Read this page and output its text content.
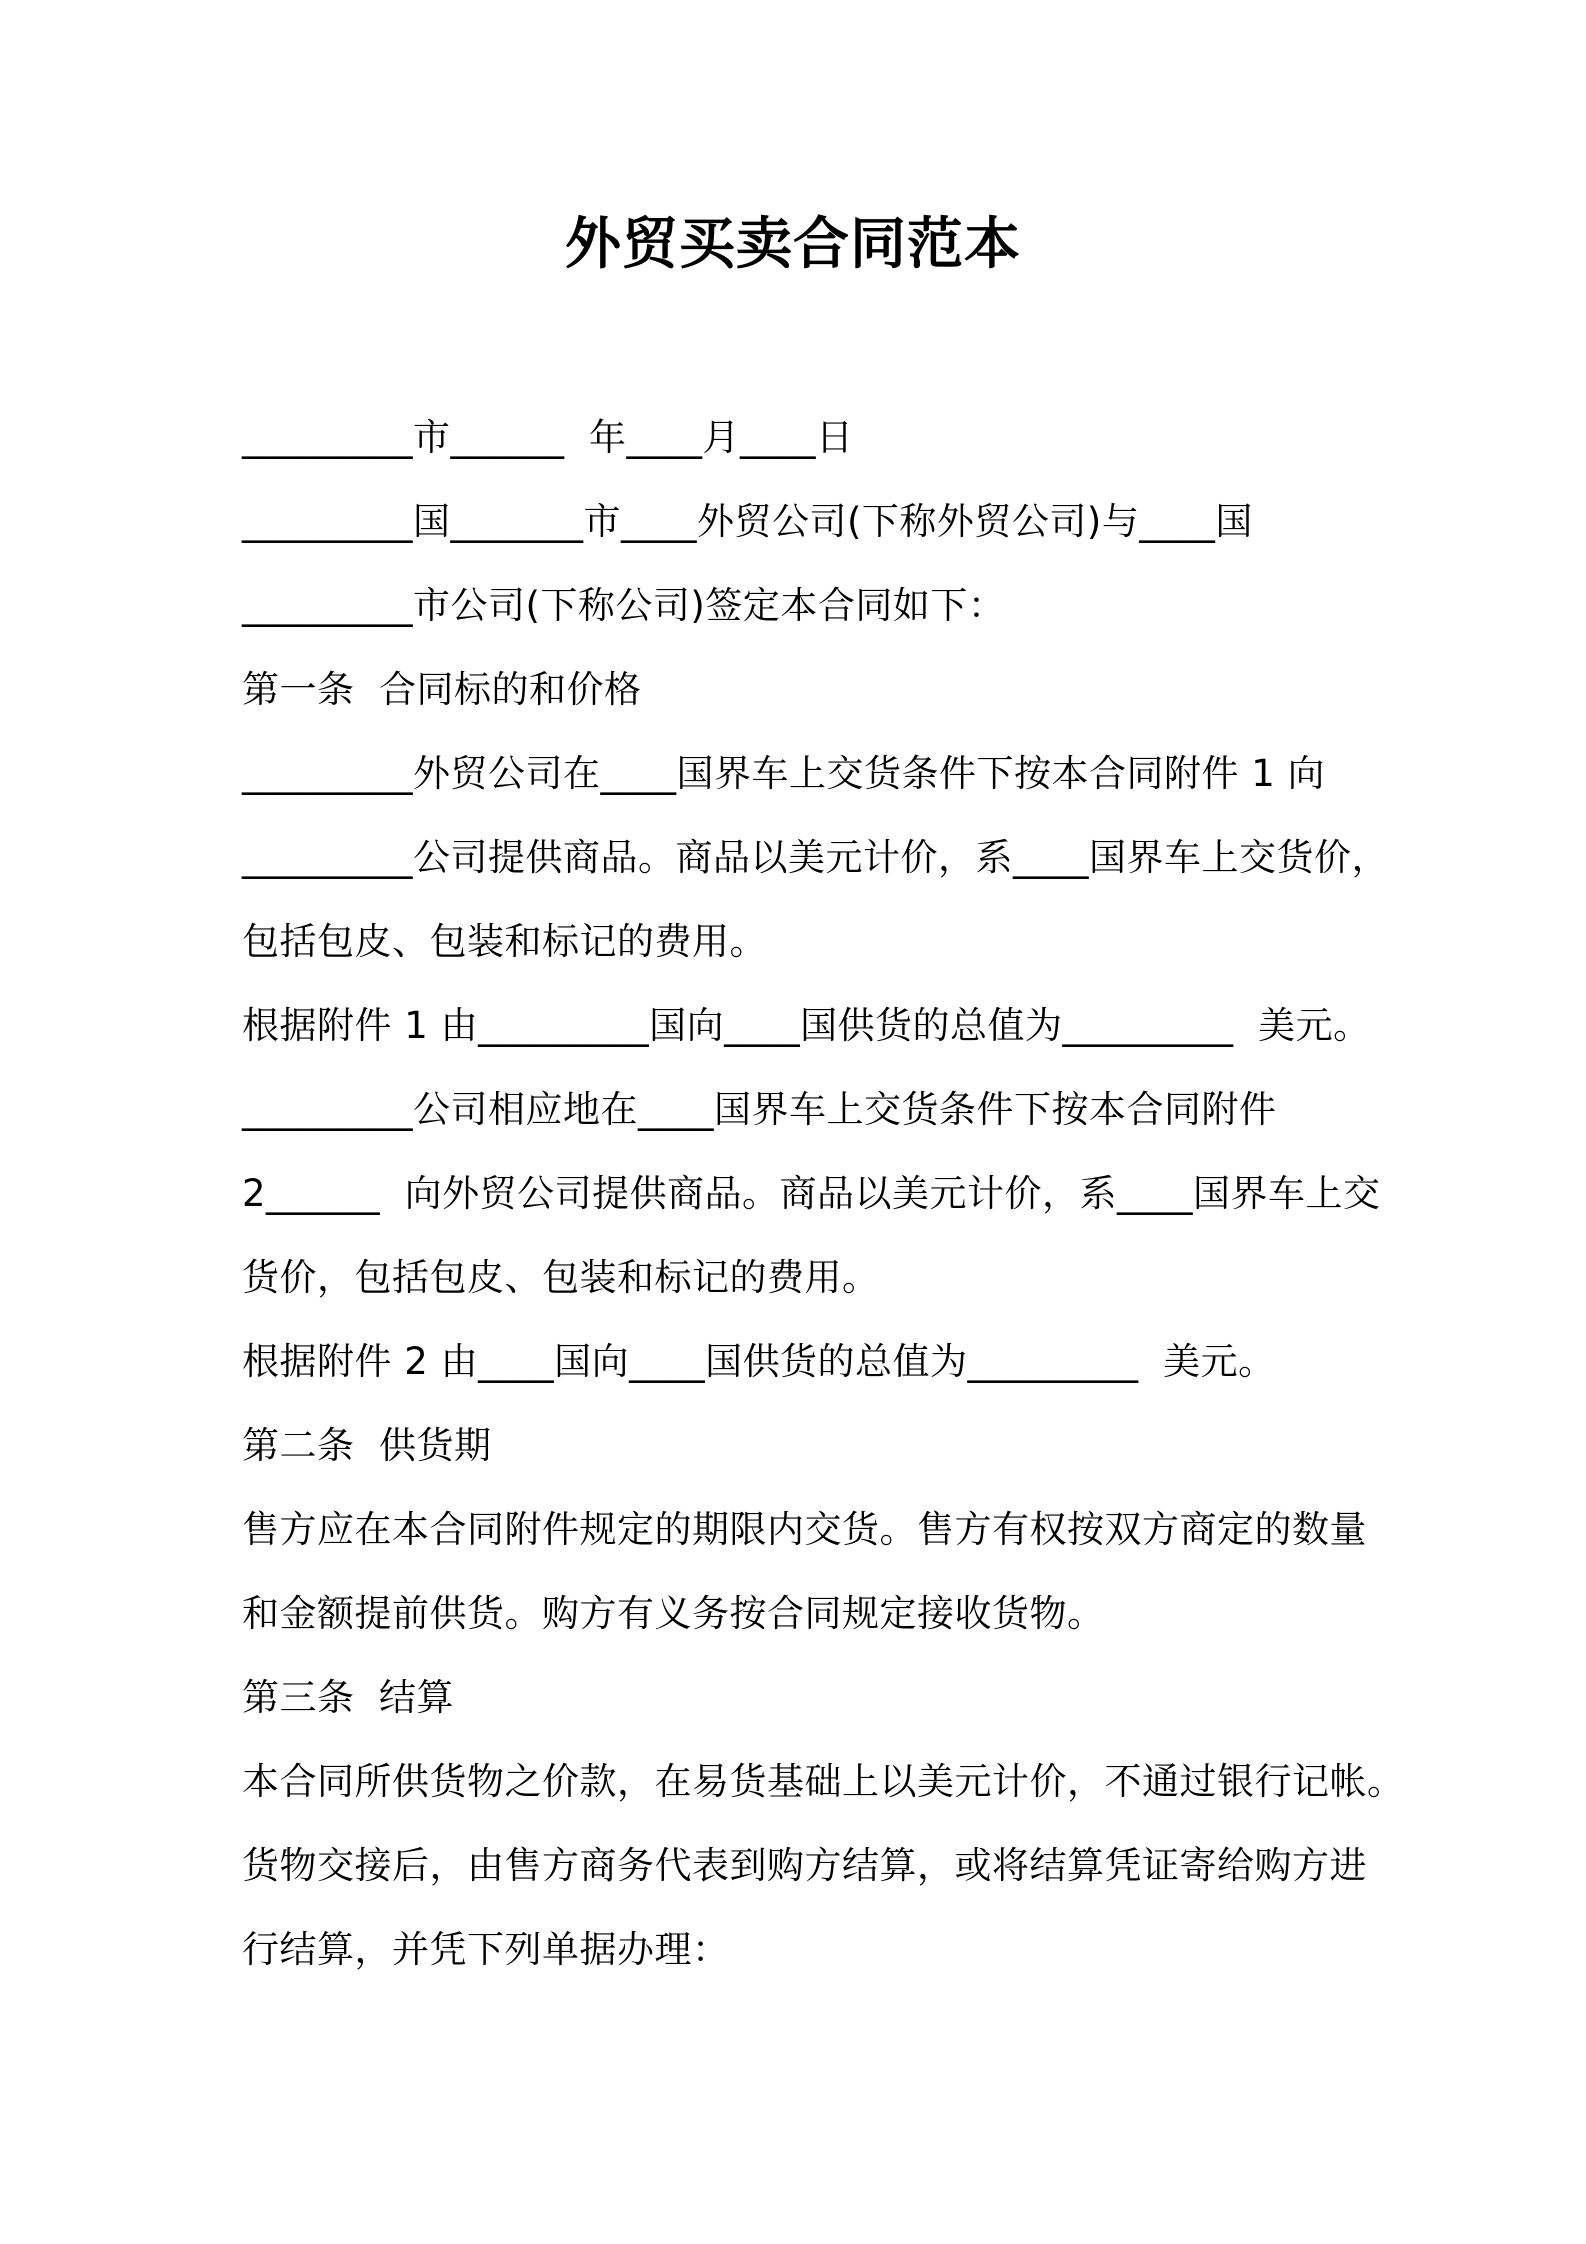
外贸买卖合同范本
_________市______  年____月____日
_________国_______市____外贸公司(下称外贸公司)与____国
_________市公司(下称公司)签定本合同如下：
第一条  合同标的和价格
_________外贸公司在____国界车上交货条件下按本合同附件 1 向
_________公司提供商品。商品以美元计价，系____国界车上交货价，
包括包皮、包装和标记的费用。
根据附件 1 由_________国向____国供货的总值为_________  美元。
_________公司相应地在____国界车上交货条件下按本合同附件
2______  向外贸公司提供商品。商品以美元计价，系____国界车上交
货价，包括包皮、包装和标记的费用。
根据附件 2 由____国向____国供货的总值为_________  美元。
第二条  供货期
售方应在本合同附件规定的期限内交货。售方有权按双方商定的数量
和金额提前供货。购方有义务按合同规定接收货物。
第三条  结算
本合同所供货物之价款，在易货基础上以美元计价，不通过银行记帐。
货物交接后，由售方商务代表到购方结算，或将结算凭证寄给购方进
行结算，并凭下列单据办理：
